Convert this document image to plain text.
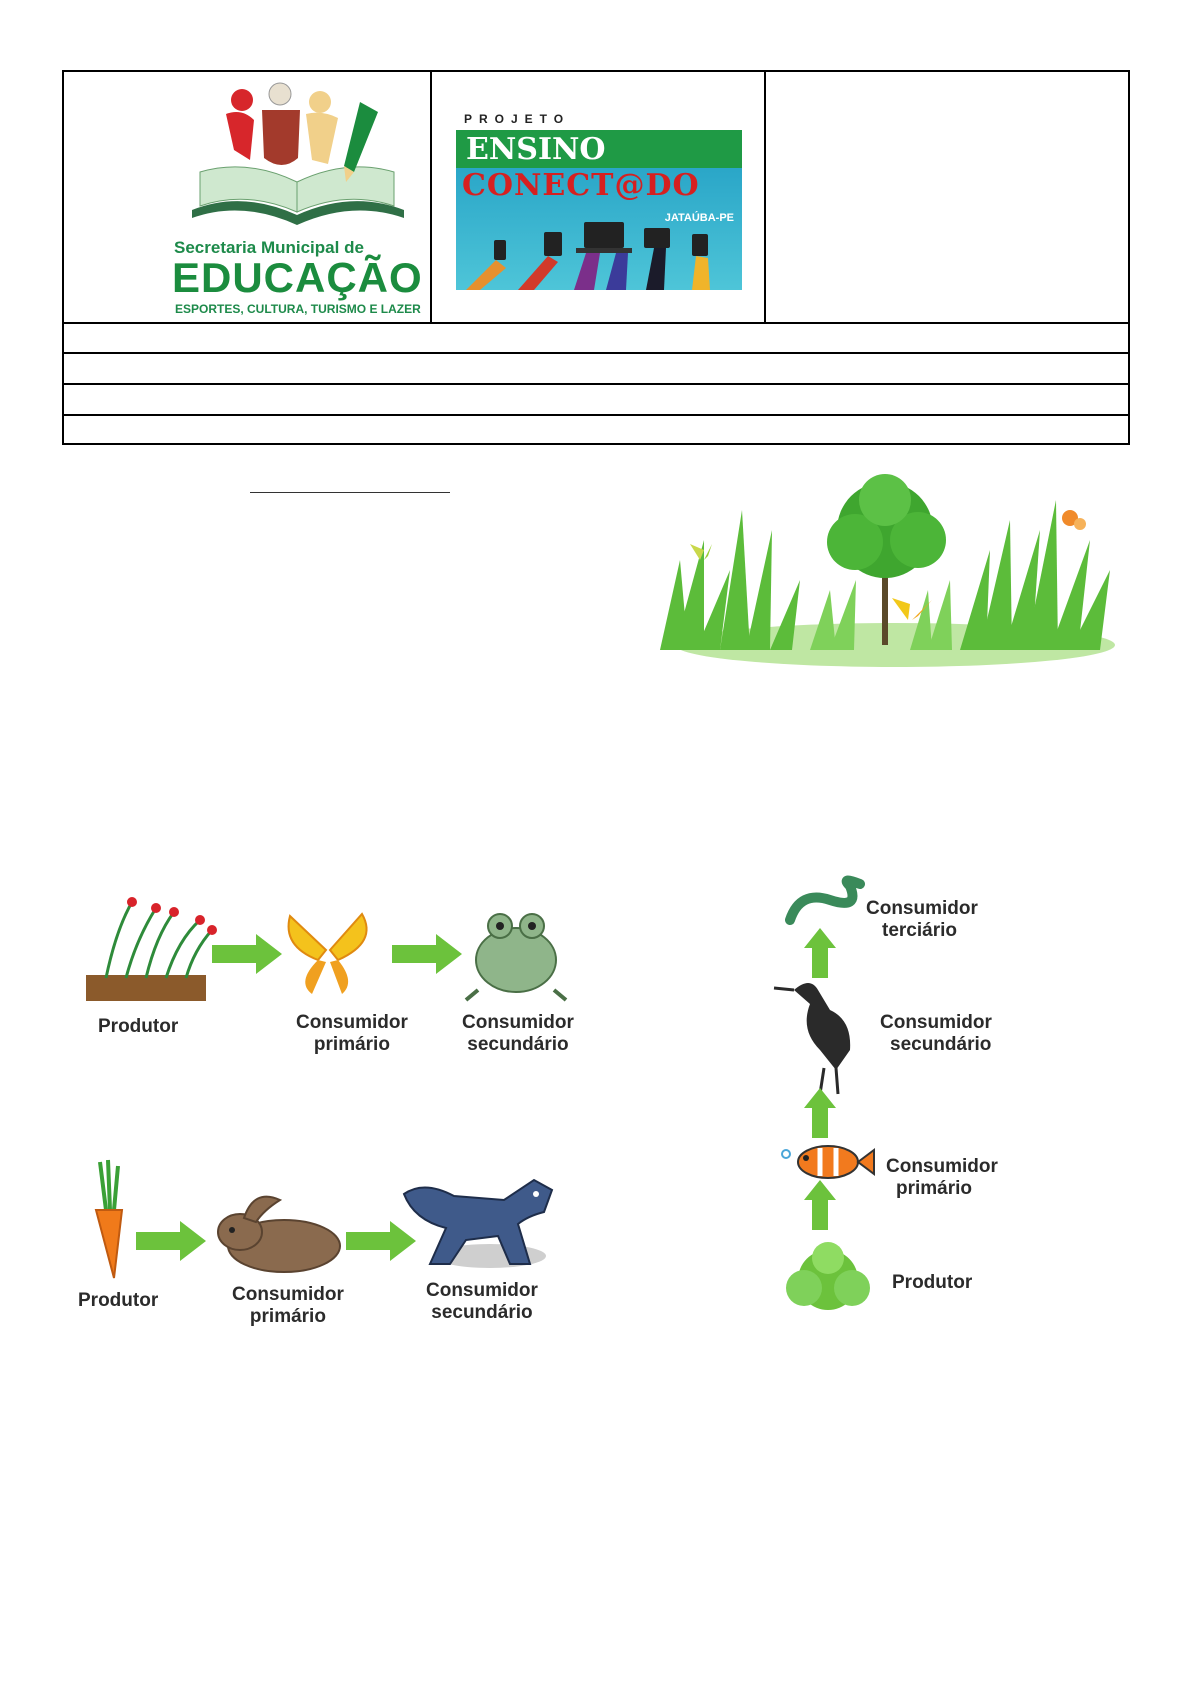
Secretaria Municipal de
EDUCAÇÃO
ESPORTES, CULTURA, TURISMO E LAZER
PROJETO
ENSINO
CONECT@DO
JATAÚBA-PE
Produtor	Consumidor
primário
Consumidor
secundário
Produtor	Consumidor
primário
Consumidor
secundário
Consumidor
terciário
Consumidor
secundário
Consumidor
primário
Produtor
